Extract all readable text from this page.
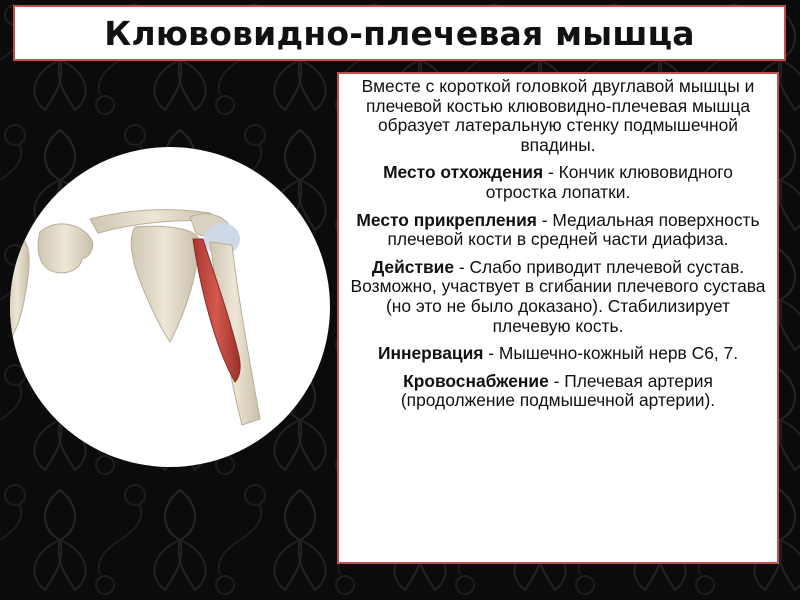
Клювовидно-плечевая мышца

Вместе с короткой головкой двуглавой мышцы и плечевой костью клювовидно-плечевая мышца образует латеральную стенку подмышечной впадины.

Место отхождения - Кончик клювовидного отростка лопатки.

Место прикрепления - Медиальная поверхность плечевой кости в средней части диафиза.

Действие - Слабо приводит плечевой сустав. Возможно, участвует в сгибании плечевого сустава (но это не было доказано). Стабилизирует плечевую кость.

Иннервация - Мышечно-кожный нерв С6, 7.

Кровоснабжение - Плечевая артерия (продолжение подмышечной артерии).
